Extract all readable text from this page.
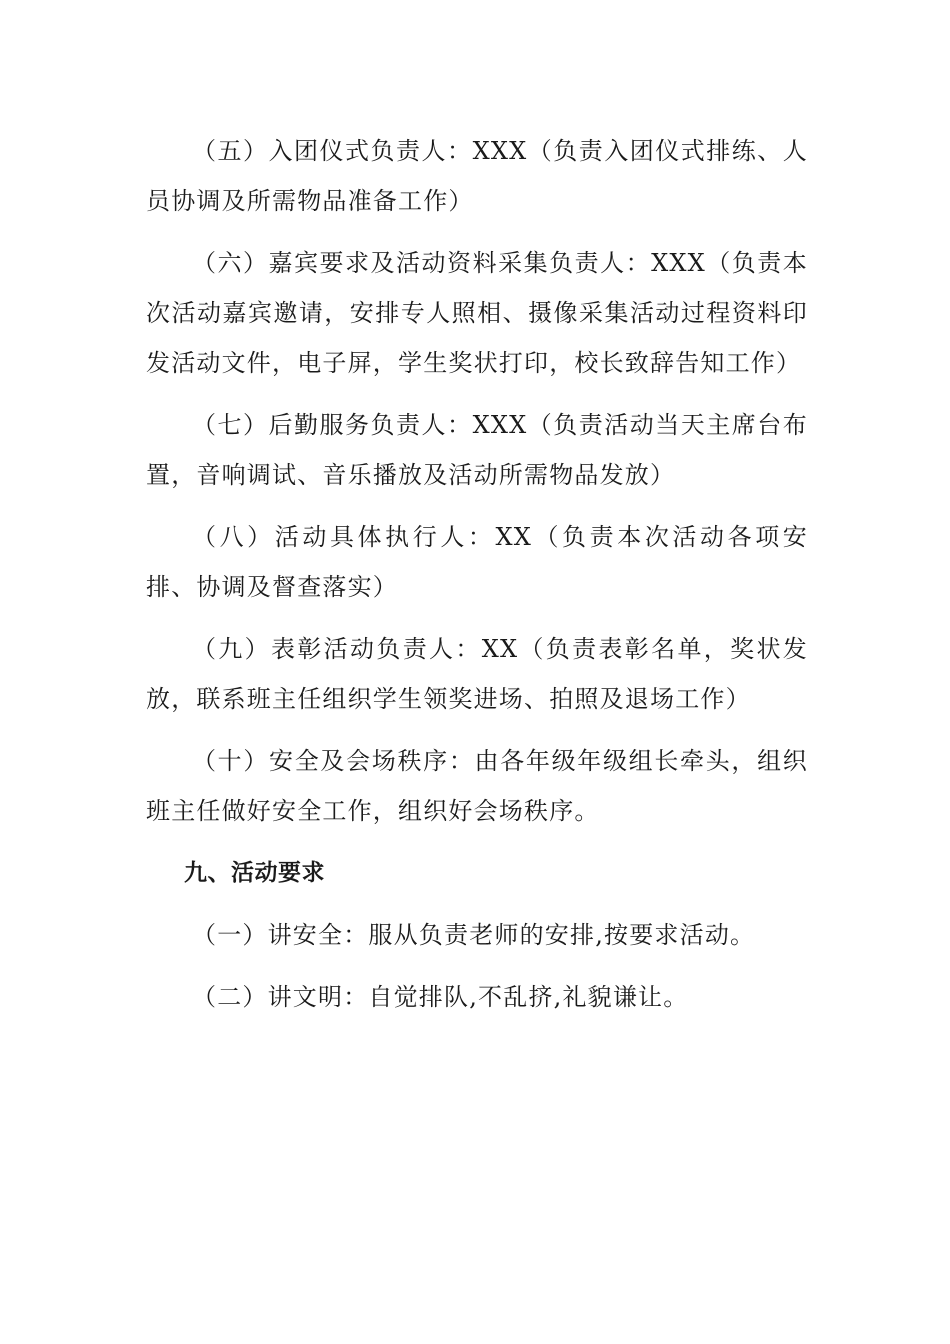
（五）入团仪式负责人：XXX（负责入团仪式排练、人员协调及所需物品准备工作）

（六）嘉宾要求及活动资料采集负责人：XXX（负责本次活动嘉宾邀请，安排专人照相、摄像采集活动过程资料印发活动文件，电子屏，学生奖状打印，校长致辞告知工作）

（七）后勤服务负责人：XXX（负责活动当天主席台布置，音响调试、音乐播放及活动所需物品发放）

（八）活动具体执行人：XX（负责本次活动各项安排、协调及督查落实）

（九）表彰活动负责人：XX（负责表彰名单，奖状发放，联系班主任组织学生领奖进场、拍照及退场工作）

（十）安全及会场秩序：由各年级年级组长牵头，组织班主任做好安全工作，组织好会场秩序。

九、活动要求

（一）讲安全：服从负责老师的安排,按要求活动。

（二）讲文明：自觉排队,不乱挤,礼貌谦让。
